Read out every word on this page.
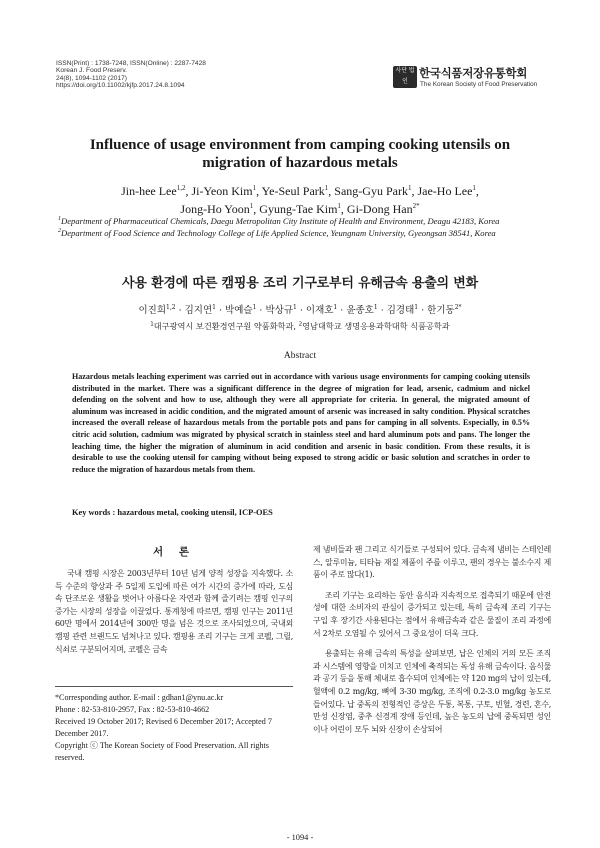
ISSN(Print) : 1738-7248, ISSN(Online) : 2287-7428
Korean J. Food Preserv.
24(8), 1094-1102 (2017)
https://doi.org/10.11002/kjfp.2017.24.8.1094
사단 법인
한국식품저장유통학회
The Korean Society of Food Preservation
Influence of usage environment from camping cooking utensils on
migration of hazardous metals
Jin-hee Lee$^{1,2}$, Ji-Yeon Kim$^1$, Ye-Seul Park$^1$, Sang-Gyu Park$^1$, Jae-Ho Lee$^1$,
Jong-Ho Yoon$^1$, Gyung-Tae Kim$^1$, Gi-Dong Han$^{2*}$
$^1$Department of Pharmaceutical Chemicals, Daegu Metropolitan City Institute of Health and Environment, Deagu 42183, Korea
$^2$Department of Food Science and Technology College of Life Applied Science, Yeungnam University, Gyeongsan 38541, Korea
사용 환경에 따른 캠핑용 조리 기구로부터 유해금속 용출의 변화
이진희$^{1,2}$ · 김지연$^1$ · 박예슬$^1$ · 박상규$^1$ · 이재호$^1$ · 윤종호$^1$ · 김경태$^1$ · 한기동$^{2*}$
$^1$대구광역시 보건환경연구원 약품화학과, $^2$영남대학교 생명응용과학대학 식품공학과
Abstract
Hazardous metals leaching experiment was carried out in accordance with various usage environments for camping cooking utensils distributed in the market. There was a significant difference in the degree of migration for lead, arsenic, cadmium and nickel defending on the solvent and how to use, although they were all appropriate for criteria. In general, the migrated amount of aluminum was increased in acidic condition, and the migrated amount of arsenic was increased in salty condition. Physical scratches increased the overall release of hazardous metals from the portable pots and pans for camping in all solvents. Especially, in 0.5% citric acid solution, cadmium was migrated by physical scratch in stainless steel and hard aluminum pots and pans. The longer the leaching time, the higher the migration of aluminum in acid condition and arsenic in basic condition. From these results, it is desirable to use the cooking utensil for camping without being exposed to strong acidic or basic solution and scratches in order to reduce the migration of hazardous metals from them.
Key words : hazardous metal, cooking utensil, ICP-OES
서 론

국내 캠핑 시장은 2003년부터 10년 넘게 양적 성장을 지속했다. 소득 수준의 향상과 주 5일제 도입에 따른 여가 시간의 증가에 따라, 도심 속 단조로운 생활을 벗어나 아름다운 자연과 함께 즐기려는 캠핑 인구의 증가는 시장의 성장을 이끌었다. 통계청에 따르면, 캠핑 인구는 2011년 60만 명에서 2014년에 300만 명을 넘은 것으로 조사되었으며, 국내외 캠핑 관련 브랜드도 넘쳐나고 있다. 캠핑용 조리 기구는 크게 코펠, 그릴, 식쇠로 구분되어지며, 코펠은 금속

*Corresponding author. E-mail : gdhan1@ynu.ac.kr
Phone : 82-53-810-2957, Fax : 82-53-810-4662
Received 19 October 2017; Revised 6 December 2017; Accepted 7 December 2017.
Copyright ⓒ The Korean Society of Food Preservation. All rights reserved.

제 냄비들과 팬 그리고 식기들로 구성되어 있다. 금속제 냄비는 스테인레스, 알루미늄, 티타늄 재질 제품이 주를 이루고, 팬의 경우는 불소수지 제품이 주로 많다(1).

조리 기구는 요리하는 동안 음식과 지속적으로 접촉되기 때문에 안전성에 대한 소비자의 관심이 증가되고 있는데, 특히 금속제 조리 기구는 구입 후 장기간 사용된다는 점에서 유해금속과 같은 물질이 조리 과정에서 2차로 오염될 수 있어서 그 중요성이 더욱 크다.

용출되는 유해 금속의 특성을 살펴보면, 납은 인체의 거의 모든 조직과 시스템에 영향을 미치고 인체에 축적되는 독성 유해 금속이다. 음식물과 공기 등을 통해 체내로 흡수되며 인체에는 약 120 mg의 납이 있는데, 혈액에 0.2 mg/kg, 뼈에 3-30 mg/kg, 조직에 0.2-3.0 mg/kg 농도로 들어있다. 납 중독의 전형적인 증상은 두통, 복통, 구토, 빈혈, 경련, 혼수, 만성 신장염, 중추 신경계 장애 등인데, 높은 농도의 납에 중독되면 성인이나 어린이 모두 뇌와 신장이 손상되어

- 1094 -
